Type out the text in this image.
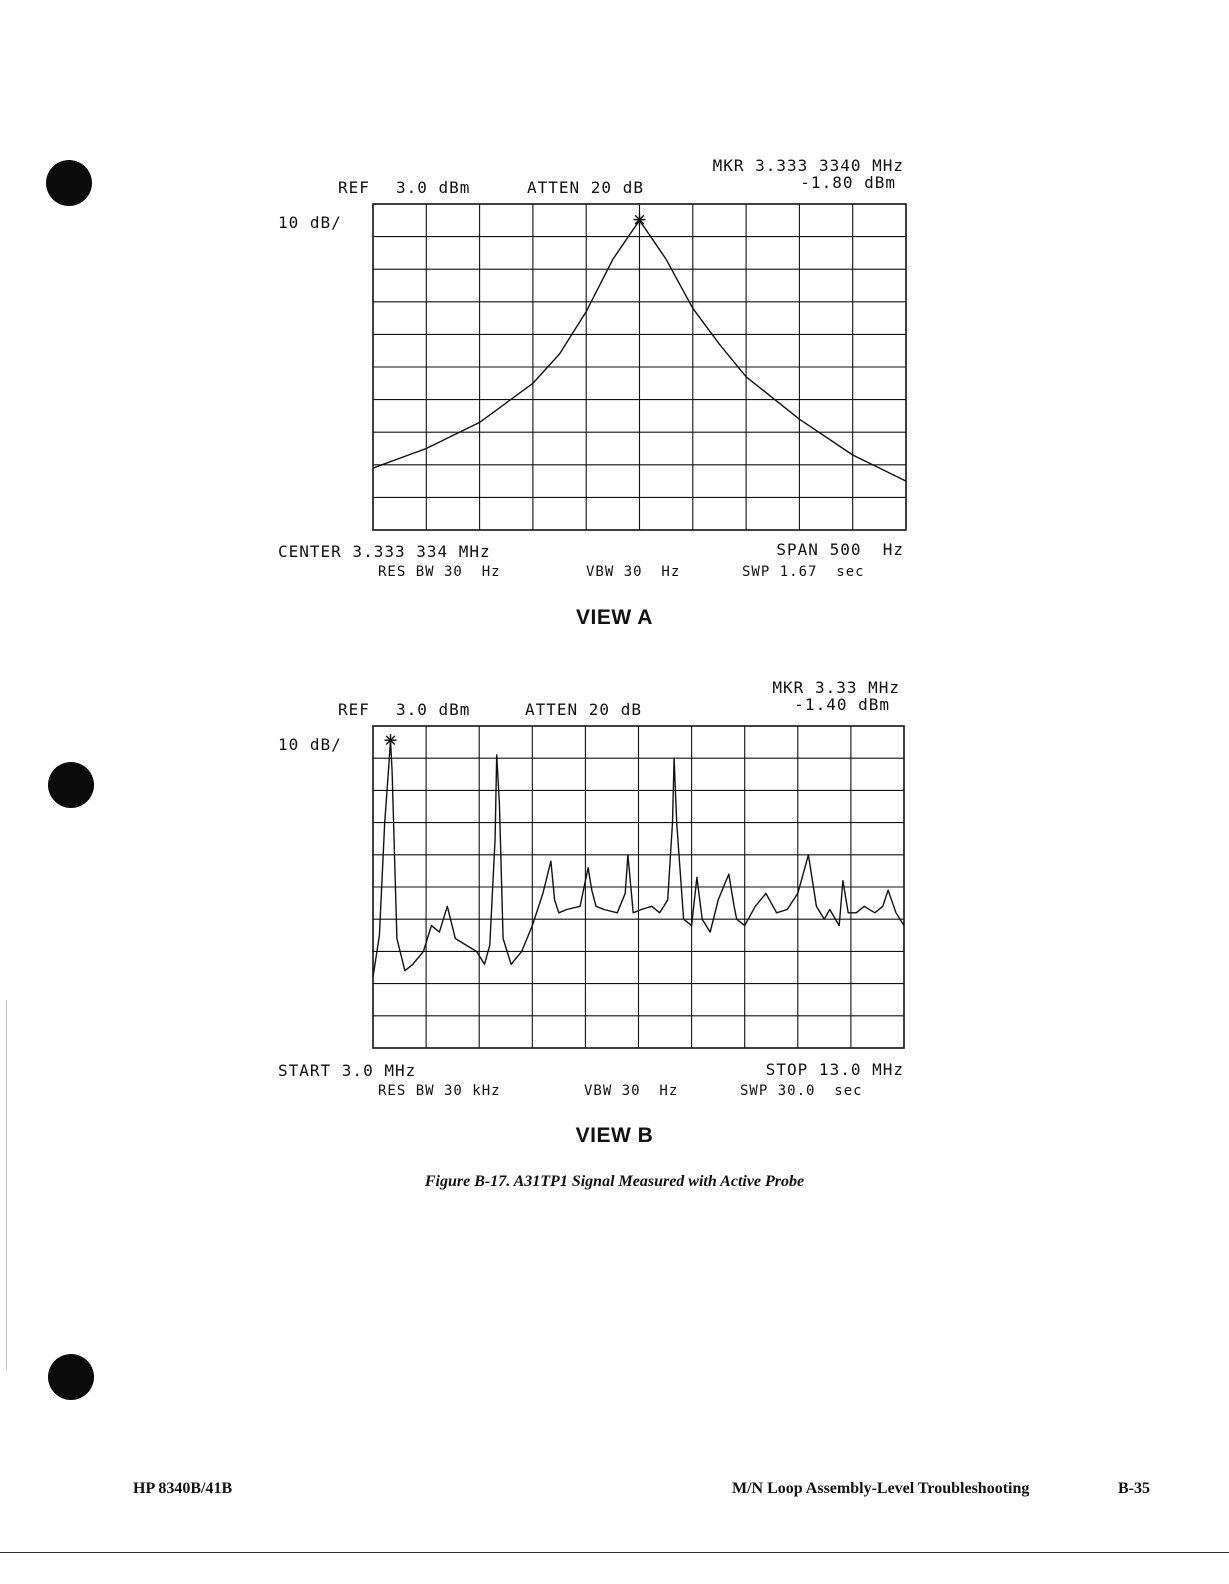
REF 3.0 dBm	ATTEN 20 dB
MKR 3.333 3340 MHz
-1.80 dBm
10 dB/
CENTER 3.333 334 MHz	SPAN 500  Hz
RES BW 30  Hz	VBW 30  Hz	SWP 1.67  sec
VIEW A
REF 3.0 dBm	ATTEN 20 dB
MKR 3.33 MHz
-1.40 dBm
10 dB/
START 3.0 MHz	STOP 13.0 MHz
RES BW 30 kHz	VBW 30  Hz	SWP 30.0  sec
VIEW B
Figure B-17. A31TP1 Signal Measured with Active Probe
HP 8340B/41B	M/N Loop Assembly-Level Troubleshooting	B-35
